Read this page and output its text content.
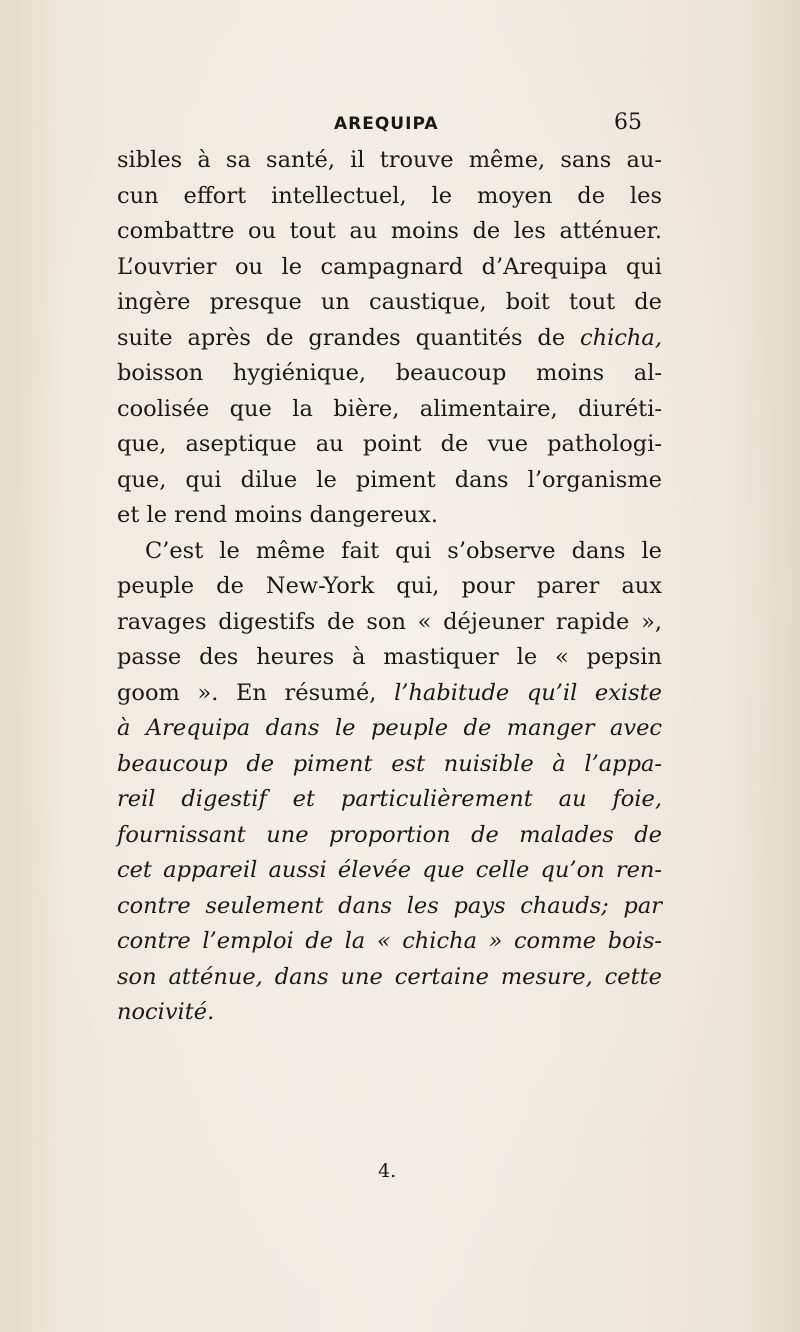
AREQUIPA	65
sibles à sa santé, il trouve même, sans au-
cun effort intellectuel, le moyen de les
combattre ou tout au moins de les atténuer.
L’ouvrier ou le campagnard d’Arequipa qui
ingère presque un caustique, boit tout de
suite après de grandes quantités de chicha,
boisson hygiénique, beaucoup moins al-
coolisée que la bière, alimentaire, diuréti-
que, aseptique au point de vue pathologi-
que, qui dilue le piment dans l’organisme
et le rend moins dangereux.
C’est le même fait qui s’observe dans le
peuple de New-York qui, pour parer aux
ravages digestifs de son « déjeuner rapide »,
passe des heures à mastiquer le « pepsin
goom ». En résumé, l’habitude qu’il existe
à Arequipa dans le peuple de manger avec
beaucoup de piment est nuisible à l’appa-
reil digestif et particulièrement au foie,
fournissant une proportion de malades de
cet appareil aussi élevée que celle qu’on ren-
contre seulement dans les pays chauds; par
contre l’emploi de la « chicha » comme bois-
son atténue, dans une certaine mesure, cette
nocivité.
4.
